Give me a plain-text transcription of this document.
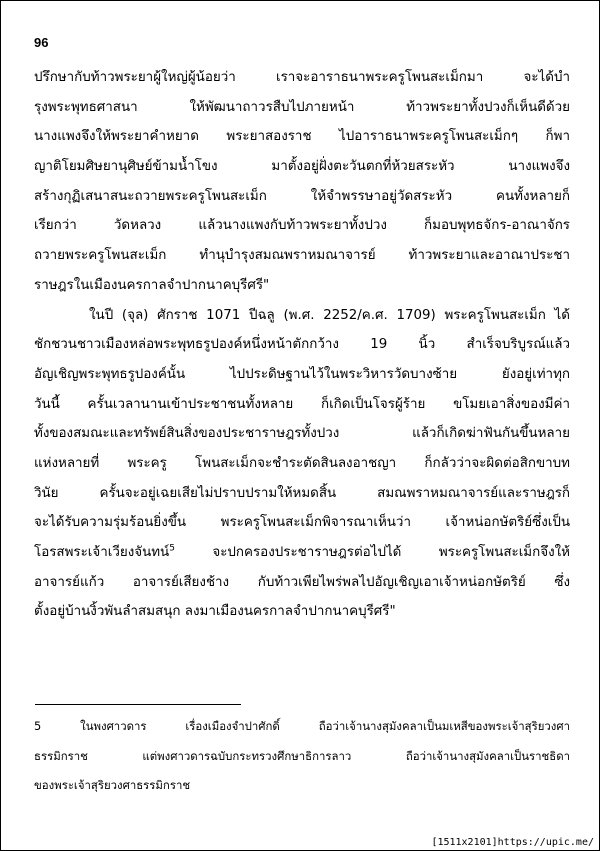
96
ปรึกษากับท้าวพระยาผู้ใหญ่ผู้น้อยว่า เราจะอาราธนาพระครูโพนสะเม็กมา จะได้บำ
รุงพระพุทธศาสนา ให้พัฒนาถาวรสืบไปภายหน้า ท้าวพระยาทั้งปวงก็เห็นดีด้วย
นางแพงจึงให้พระยาคำหยาด พระยาสองราช ไปอาราธนาพระครูโพนสะเม็กๆ ก็พา
ญาติโยมศิษยานุศิษย์ข้ามน้ำโขง มาตั้งอยู่ฝั่งตะวันตกที่ห้วยสระหัว นางแพงจึง
สร้างกุฏิเสนาสนะถวายพระครูโพนสะเม็ก ให้จำพรรษาอยู่วัดสระหัว คนทั้งหลายก็
เรียกว่า วัดหลวง แล้วนางแพงกับท้าวพระยาทั้งปวง ก็มอบพุทธจักร-อาณาจักร
ถวายพระครูโพนสะเม็ก ทำนุบำรุงสมณพราหมณาจารย์ ท้าวพระยาและอาณาประชา
ราษฎรในเมืองนครกาลจำปากนาคบุรีศรี"
ในปี (จุล) ศักราช 1071 ปีฉลู (พ.ศ. 2252/ค.ศ. 1709) พระครูโพนสะเม็ก ได้
ชักชวนชาวเมืองหล่อพระพุทธรูปองค์หนึ่งหน้าตักกว้าง 19 นิ้ว สำเร็จบริบูรณ์แล้ว
อัญเชิญพระพุทธรูปองค์นั้น ไปประดิษฐานไว้ในพระวิหารวัดบางซ้าย ยังอยู่เท่าทุก
วันนี้ ครั้นเวลานานเข้าประชาชนทั้งหลาย ก็เกิดเป็นโจรผู้ร้าย ขโมยเอาสิ่งของมีค่า
ทั้งของสมณะและทรัพย์สินสิ่งของประชาราษฎรทั้งปวง แล้วก็เกิดฆ่าฟันกันขึ้นหลาย
แห่งหลายที่ พระครู โพนสะเม็กจะชำระตัดสินลงอาชญา ก็กลัวว่าจะผิดต่อสิกขาบท
วินัย ครั้นจะอยู่เฉยเสียไม่ปราบปรามให้หมดสิ้น สมณพราหมณาจารย์และราษฎรก็
จะได้รับความรุ่มร้อนยิ่งขึ้น พระครูโพนสะเม็กพิจารณาเห็นว่า เจ้าหน่อกษัตริย์ซึ่งเป็น
โอรสพระเจ้าเวียงจันทน์$^5$	จะปกครองประชาราษฎรต่อไปได้ พระครูโพนสะเม็กจึงให้
อาจารย์แก้ว อาจารย์เสียงช้าง กับท้าวเพียไพร่พลไปอัญเชิญเอาเจ้าหน่อกษัตริย์ ซึ่ง
ตั้งอยู่บ้านงิ้วพันลำสมสนุก ลงมาเมืองนครกาลจำปากนาคบุรีศรี"
5 ในพงศาวดาร เรื่องเมืองจำปาศักดิ์ ถือว่าเจ้านางสุมังคลาเป็นมเหสีของพระเจ้าสุริยวงศา
ธรรมิกราช แต่พงศาวดารฉบับกระทรวงศึกษาธิการลาว ถือว่าเจ้านางสุมังคลาเป็นราชธิดา
ของพระเจ้าสุริยวงศาธรรมิกราช
[1511x2101]https://upic.me/
